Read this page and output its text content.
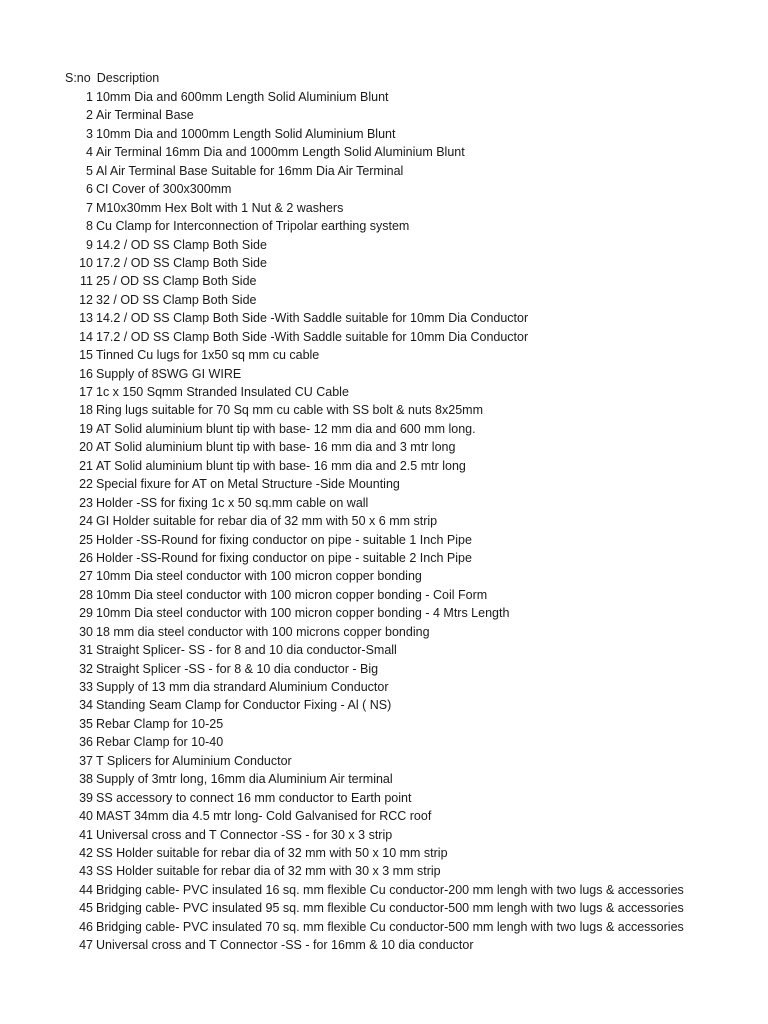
S:no Description
1 10mm Dia and 600mm Length Solid Aluminium Blunt
2 Air Terminal Base
3 10mm Dia and 1000mm Length Solid Aluminium Blunt
4 Air Terminal 16mm Dia and 1000mm Length Solid Aluminium Blunt
5 Al Air Terminal Base Suitable for 16mm Dia Air Terminal
6 CI Cover of 300x300mm
7 M10x30mm Hex Bolt with 1 Nut & 2 washers
8 Cu Clamp for Interconnection of Tripolar earthing system
9 14.2 / OD SS Clamp Both Side
10 17.2 / OD SS Clamp Both Side
11 25 / OD SS Clamp Both Side
12 32 / OD SS Clamp Both Side
13 14.2 / OD SS Clamp Both Side -With Saddle suitable for 10mm Dia Conductor
14 17.2 / OD SS Clamp Both Side -With Saddle suitable for 10mm Dia Conductor
15 Tinned Cu lugs for 1x50 sq mm cu cable
16 Supply of 8SWG GI WIRE
17 1c x 150 Sqmm Stranded Insulated CU Cable
18 Ring lugs suitable for 70 Sq mm cu cable with SS bolt & nuts 8x25mm
19 AT Solid aluminium blunt tip with base- 12 mm dia and 600 mm long.
20 AT Solid aluminium blunt tip with base- 16 mm dia and 3 mtr long
21 AT Solid aluminium blunt tip with base- 16 mm dia and 2.5 mtr long
22 Special fixure for AT on Metal Structure -Side Mounting
23 Holder -SS for fixing 1c x 50 sq.mm cable on wall
24 GI Holder suitable for rebar dia of 32 mm with 50 x 6 mm strip
25 Holder -SS-Round for fixing conductor on pipe - suitable 1 Inch Pipe
26 Holder -SS-Round for fixing conductor on pipe - suitable 2 Inch Pipe
27 10mm Dia steel conductor with 100 micron copper bonding
28 10mm Dia steel conductor with 100 micron copper bonding - Coil Form
29 10mm Dia steel conductor with 100 micron copper bonding - 4 Mtrs Length
30 18 mm dia steel conductor with 100 microns copper bonding
31 Straight Splicer- SS - for 8 and 10 dia conductor-Small
32 Straight Splicer -SS - for 8 & 10 dia conductor - Big
33 Supply of 13 mm dia strandard Aluminium Conductor
34 Standing Seam Clamp for Conductor Fixing - Al ( NS)
35 Rebar Clamp for 10-25
36 Rebar Clamp for 10-40
37 T Splicers for Aluminium Conductor
38 Supply of 3mtr long, 16mm dia Aluminium Air terminal
39 SS accessory to connect 16 mm conductor to Earth point
40 MAST 34mm dia 4.5 mtr long- Cold Galvanised for RCC roof
41 Universal cross and T Connector -SS - for 30 x 3 strip
42 SS Holder suitable for rebar dia of 32 mm with 50 x 10 mm strip
43 SS Holder suitable for rebar dia of 32 mm with 30 x 3 mm strip
44 Bridging cable- PVC insulated 16 sq. mm flexible Cu conductor-200 mm lengh with two lugs & accessories
45 Bridging cable- PVC insulated 95 sq. mm flexible Cu conductor-500 mm lengh with two lugs & accessories
46 Bridging cable- PVC insulated 70 sq. mm flexible Cu conductor-500 mm lengh with two lugs & accessories
47 Universal cross and T Connector -SS - for 16mm & 10 dia conductor
